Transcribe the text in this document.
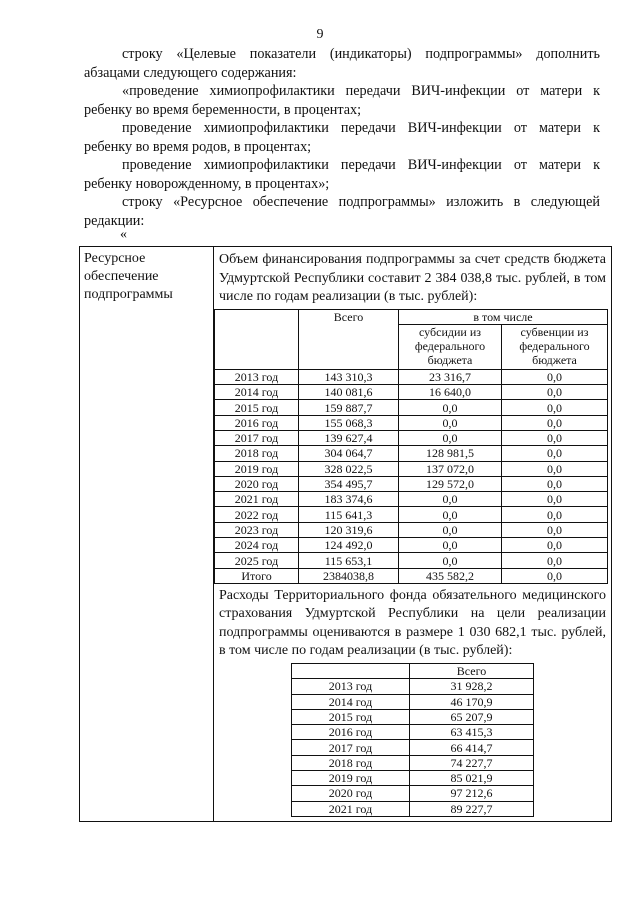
9

строку «Целевые показатели (индикаторы) подпрограммы» дополнить абзацами следующего содержания:

«проведение химиопрофилактики передачи ВИЧ-инфекции от матери к ребенку во время беременности, в процентах;

проведение химиопрофилактики передачи ВИЧ-инфекции от матери к ребенку во время родов, в процентах;

проведение химиопрофилактики передачи ВИЧ-инфекции от матери к ребенку новорожденному, в процентах»;

строку «Ресурсное обеспечение подпрограммы» изложить в следующей редакции:

«
Ресурсное обеспечение подпрограммы	
Объем финансирования подпрограммы за счет средств бюджета Удмуртской Республики составит 2 384 038,8 тыс. рублей, в том числе по годам реализации (в тыс. рублей):
	Всего	в том числе
субсидии из федерального бюджета	субвенции из федерального бюджета
2013 год	143 310,3	23 316,7	0,0
2014 год	140 081,6	16 640,0	0,0
2015 год	159 887,7	0,0	0,0
2016 год	155 068,3	0,0	0,0
2017 год	139 627,4	0,0	0,0
2018 год	304 064,7	128 981,5	0,0
2019 год	328 022,5	137 072,0	0,0
2020 год	354 495,7	129 572,0	0,0
2021 год	183 374,6	0,0	0,0
2022 год	115 641,3	0,0	0,0
2023 год	120 319,6	0,0	0,0
2024 год	124 492,0	0,0	0,0
2025 год	115 653,1	0,0	0,0
Итого	2384038,8	435 582,2	0,0
Расходы Территориального фонда обязательного медицинского страхования Удмуртской Республики на цели реализации подпрограммы оцениваются в размере 1 030 682,1 тыс. рублей, в том числе по годам реализации (в тыс. рублей):
	Всего
2013 год	31 928,2
2014 год	46 170,9
2015 год	65 207,9
2016 год	63 415,3
2017 год	66 414,7
2018 год	74 227,7
2019 год	85 021,9
2020 год	97 212,6
2021 год	89 227,7
